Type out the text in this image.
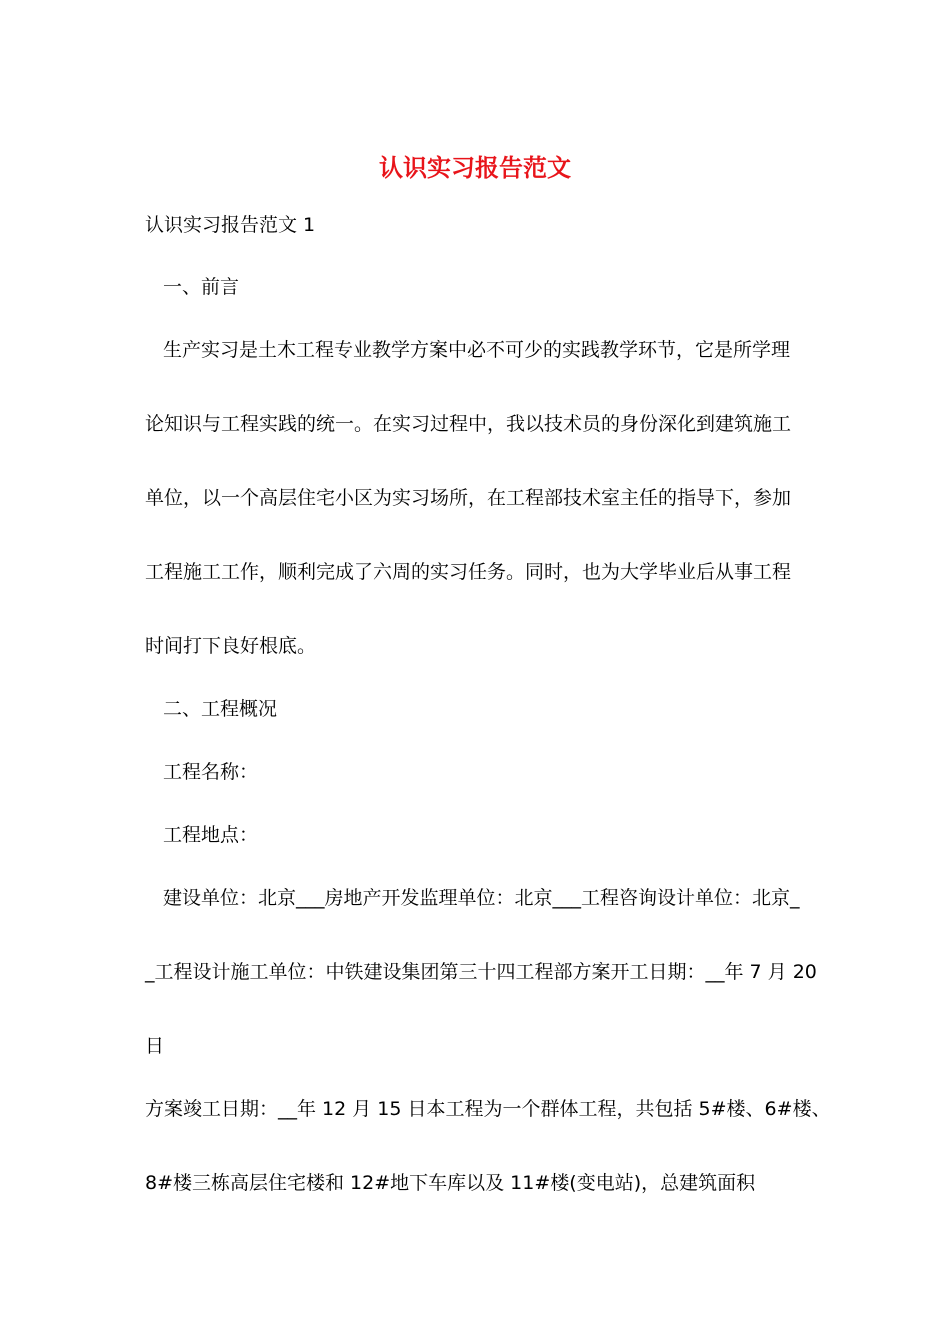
认识实习报告范文

认识实习报告范文 1

一、前言

生产实习是土木工程专业教学方案中必不可少的实践教学环节，它是所学理

论知识与工程实践的统一。在实习过程中，我以技术员的身份深化到建筑施工

单位，以一个高层住宅小区为实习场所，在工程部技术室主任的指导下，参加

工程施工工作，顺利完成了六周的实习任务。同时，也为大学毕业后从事工程

时间打下良好根底。

二、工程概况

工程名称：

工程地点：

建设单位：北京___房地产开发监理单位：北京___工程咨询设计单位：北京_

_工程设计施工单位：中铁建设集团第三十四工程部方案开工日期：__年 7 月 20

日

方案竣工日期：__年 12 月 15 日本工程为一个群体工程，共包括 5#楼、6#楼、

8#楼三栋高层住宅楼和 12#地下车库以及 11#楼(变电站)，总建筑面积
